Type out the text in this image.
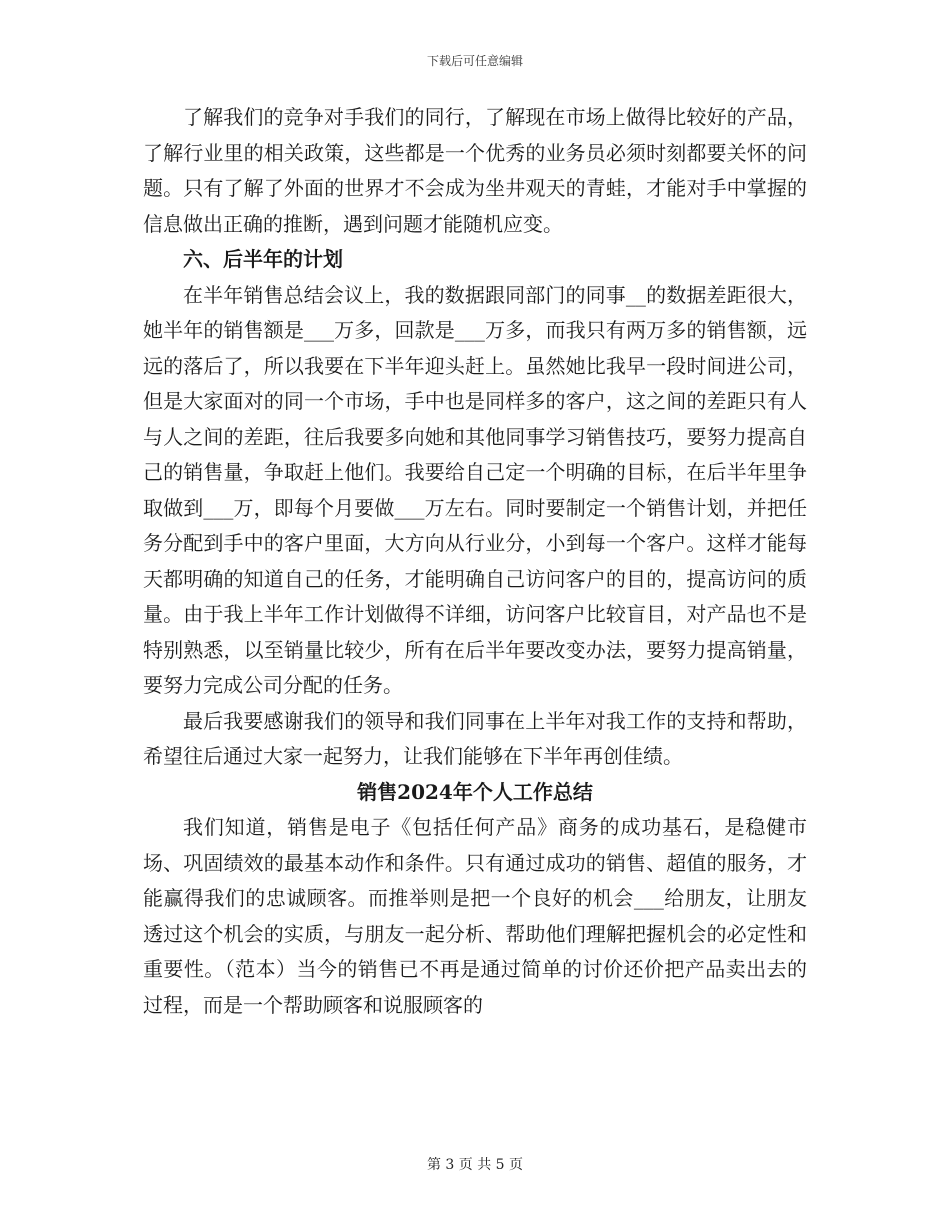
下载后可任意编辑

了解我们的竞争对手我们的同行，了解现在市场上做得比较好的产品，了解行业里的相关政策，这些都是一个优秀的业务员必须时刻都要关怀的问题。只有了解了外面的世界才不会成为坐井观天的青蛙，才能对手中掌握的信息做出正确的推断，遇到问题才能随机应变。

六、后半年的计划

在半年销售总结会议上，我的数据跟同部门的同事__的数据差距很大，她半年的销售额是___万多，回款是___万多，而我只有两万多的销售额，远远的落后了，所以我要在下半年迎头赶上。虽然她比我早一段时间进公司，但是大家面对的同一个市场，手中也是同样多的客户，这之间的差距只有人与人之间的差距，往后我要多向她和其他同事学习销售技巧，要努力提高自己的销售量，争取赶上他们。我要给自己定一个明确的目标，在后半年里争取做到___万，即每个月要做___万左右。同时要制定一个销售计划，并把任务分配到手中的客户里面，大方向从行业分，小到每一个客户。这样才能每天都明确的知道自己的任务，才能明确自己访问客户的目的，提高访问的质量。由于我上半年工作计划做得不详细，访问客户比较盲目，对产品也不是特别熟悉，以至销量比较少，所有在后半年要改变办法，要努力提高销量，要努力完成公司分配的任务。

最后我要感谢我们的领导和我们同事在上半年对我工作的支持和帮助，希望往后通过大家一起努力，让我们能够在下半年再创佳绩。

销售2024年个人工作总结

我们知道，销售是电子《包括任何产品》商务的成功基石，是稳健市场、巩固绩效的最基本动作和条件。只有通过成功的销售、超值的服务，才能赢得我们的忠诚顾客。而推举则是把一个良好的机会___给朋友，让朋友透过这个机会的实质，与朋友一起分析、帮助他们理解把握机会的必定性和重要性。（范本）当今的销售已不再是通过简单的讨价还价把产品卖出去的过程，而是一个帮助顾客和说服顾客的

第 3 页 共 5 页
